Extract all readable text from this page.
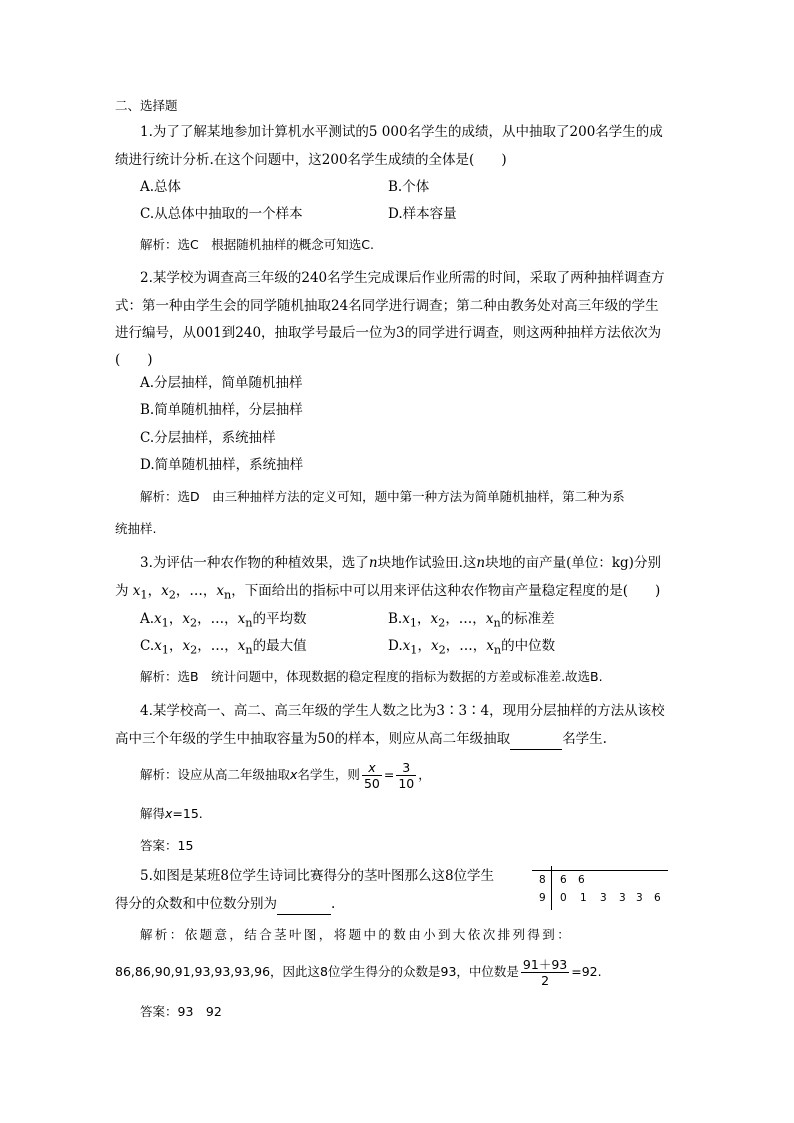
二、选择题
1.为了了解某地参加计算机水平测试的5 000名学生的成绩，从中抽取了200名学生的成
绩进行统计分析.在这个问题中，这200名学生成绩的全体是(　　)
A.总体	B.个体
C.从总体中抽取的一个样本	D.样本容量
解析：选C　根据随机抽样的概念可知选C.
2.某学校为调查高三年级的240名学生完成课后作业所需的时间，采取了两种抽样调查方
式：第一种由学生会的同学随机抽取24名同学进行调查；第二种由教务处对高三年级的学生
进行编号，从001到240，抽取学号最后一位为3的同学进行调查，则这两种抽样方法依次为
(　　)
A.分层抽样，简单随机抽样
B.简单随机抽样，分层抽样
C.分层抽样，系统抽样
D.简单随机抽样，系统抽样
解析：选D　由三种抽样方法的定义可知，题中第一种方法为简单随机抽样，第二种为系
统抽样.
3.为评估一种农作物的种植效果，选了n块地作试验田.这n块地的亩产量(单位：kg)分别
为 $x_1$，$x_2$，…，$x_n$，下面给出的指标中可以用来评估这种农作物亩产量稳定程度的是(　　)
$A.x_1$，$x_2$，…，$x_n$的平均数	$B.x_1$，$x_2$，…，$x_n$的标准差
$C.x_1$，$x_2$，…，$x_n$的最大值	$D.x_1$，$x_2$，…，$x_n$的中位数
解析：选B　统计问题中，体现数据的稳定程度的指标为数据的方差或标准差.故选B.
4.某学校高一、高二、高三年级的学生人数之比为3∶3∶4，现用分层抽样的方法从该校
高中三个年级的学生中抽取容量为50的样本，则应从高二年级抽取	名学生.
解析：设应从高二年级抽取x名学生，则 $\frac{x}{50} = \frac{3}{10}$ ，
解得x=15.
答案：15
5.如图是某班8位学生诗词比赛得分的茎叶图那么这8位学生
得分的众数和中位数分别为	.
8 6 6
9 0 1 3 3 3 6
解析：依题意，结合茎叶图，将题中的数由小到大依次排列得到：
86,86,90,91,93,93,93,96，因此这8位学生得分的众数是93，中位数是 $\frac{91+93}{2} =92$.
答案：93　92
